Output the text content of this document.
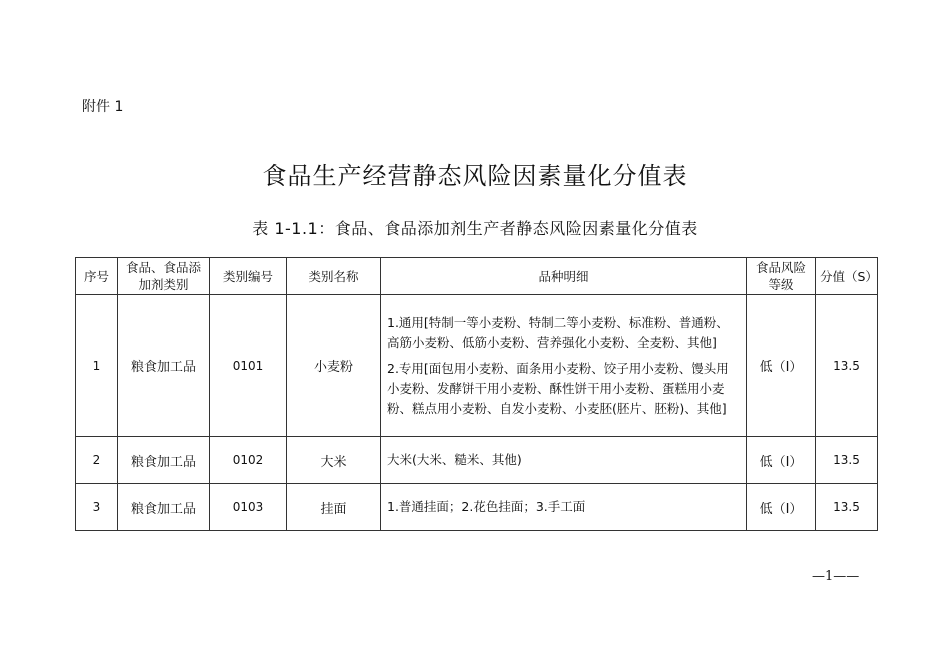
附件 1
食品生产经营静态风险因素量化分值表
表 1-1.1：食品、食品添加剂生产者静态风险因素量化分值表
序号	食品、食品添
加剂类别	类别编号	类别名称	品种明细	食品风险
等级	分值（S）
1	粮食加工品	0101	小麦粉	1.通用[特制一等小麦粉、特制二等小麦粉、标准粉、普通粉、高筋小麦粉、低筋小麦粉、营养强化小麦粉、全麦粉、其他]
2.专用[面包用小麦粉、面条用小麦粉、饺子用小麦粉、馒头用小麦粉、发酵饼干用小麦粉、酥性饼干用小麦粉、蛋糕用小麦粉、糕点用小麦粉、自发小麦粉、小麦胚(胚片、胚粉)、其他]	低（Ⅰ）	13.5
2	粮食加工品	0102	大米	大米(大米、糙米、其他)	低（Ⅰ）	13.5
3	粮食加工品	0103	挂面	1.普通挂面；2.花色挂面；3.手工面	低（Ⅰ）	13.5
—1——
